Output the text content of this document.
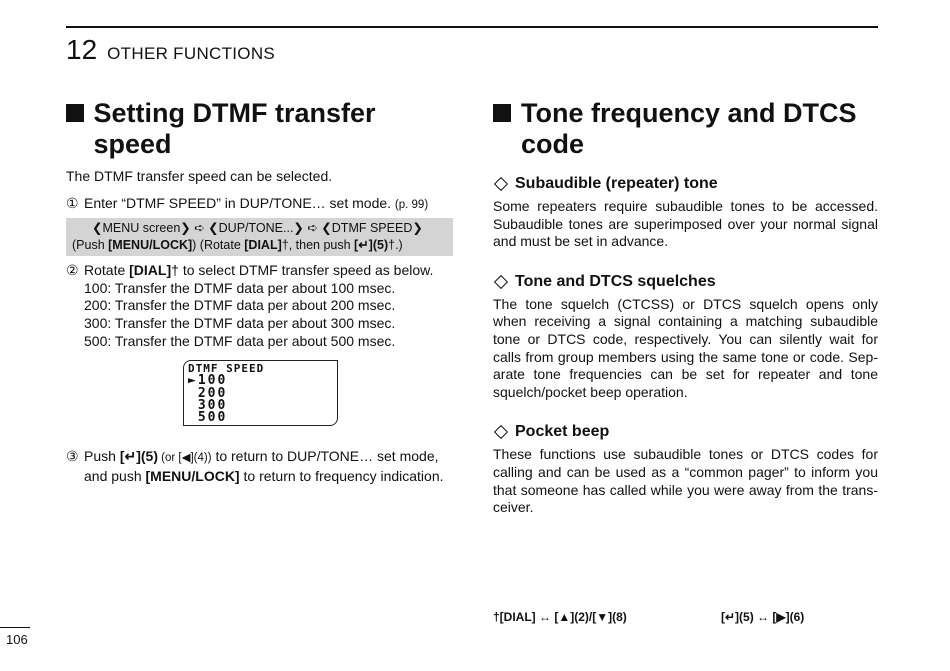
12 OTHER FUNCTIONS
Setting DTMF transfer speed

The DTMF transfer speed can be selected.

① Enter “DTMF SPEED” in DUP/TONE… set mode. (p. 99)
❮MENU screen❯ ➪ ❮DUP/TONE...❯ ➪ ❮DTMF SPEED❯
(Push [MENU/LOCK]) (Rotate [DIAL]†, then push [↵](5)†.)
② Rotate [DIAL]† to select DTMF transfer speed as below.
100: Transfer the DTMF data per about 100 msec.
200: Transfer the DTMF data per about 200 msec.
300: Transfer the DTMF data per about 300 msec.
500: Transfer the DTMF data per about 500 msec.
DTMF SPEED
►100
200
300
500
③ Push [↵](5) (or [◀](4)) to return to DUP/TONE… set mode, and push [MENU/LOCK] to return to frequency indication.
Tone frequency and DTCS
code
Subaudible (repeater) tone

Some repeaters require subaudible tones to be accessed. Subaudible tones are superimposed over your normal signal and must be set in advance.

Tone and DTCS squelches

The tone squelch (CTCSS) or DTCS squelch opens only when receiving a signal containing a matching subaudible tone or DTCS code, respectively. You can silently wait for calls from group members using the same tone or code. Sep-arate tone frequencies can be set for repeater and tone squelch/pocket beep operation.

Pocket beep

These functions use subaudible tones or DTCS codes for calling and can be used as a “common pager” to inform you that someone has called while you were away from the trans-ceiver.

†[DIAL] ↔ [▲](2)/[▼](8)	[↵](5) ↔ [▶](6)
106
